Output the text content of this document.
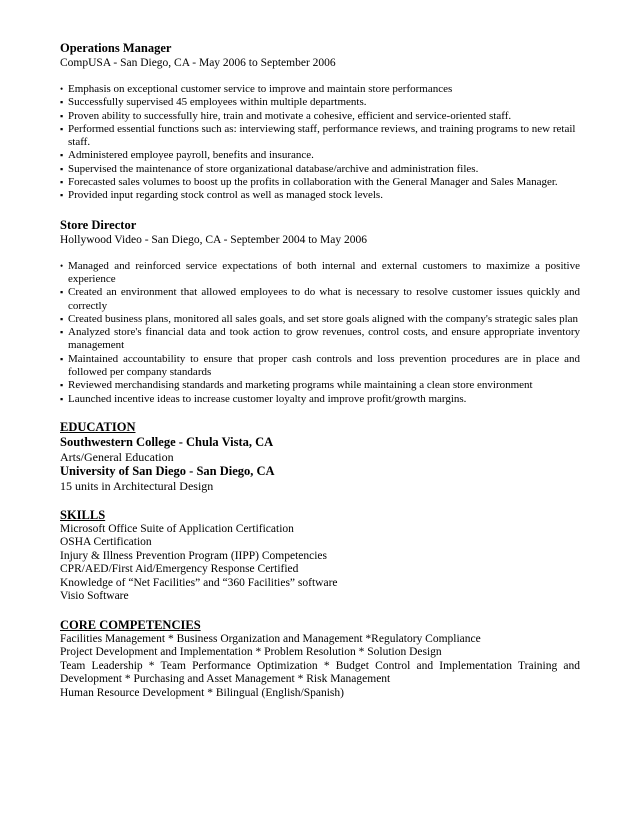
Operations Manager

CompUSA - San Diego, CA - May 2006 to September 2006

• Emphasis on exceptional customer service to improve and maintain store performances
▪ Successfully supervised 45 employees within multiple departments.
▪ Proven ability to successfully hire, train and motivate a cohesive, efficient and service-oriented staff.
▪ Performed essential functions such as: interviewing staff, performance reviews, and training programs to new retail staff.
▪ Administered employee payroll, benefits and insurance.
▪ Supervised the maintenance of store organizational database/archive and administration files.
▪ Forecasted sales volumes to boost up the profits in collaboration with the General Manager and Sales Manager.
▪ Provided input regarding stock control as well as managed stock levels.

Store Director

Hollywood Video - San Diego, CA - September 2004 to May 2006

• Managed and reinforced service expectations of both internal and external customers to maximize a positive experience
▪ Created an environment that allowed employees to do what is necessary to resolve customer issues quickly and correctly
▪ Created business plans, monitored all sales goals, and set store goals aligned with the company's strategic sales plan
▪ Analyzed store's financial data and took action to grow revenues, control costs, and ensure appropriate inventory management
▪ Maintained accountability to ensure that proper cash controls and loss prevention procedures are in place and followed per company standards
▪ Reviewed merchandising standards and marketing programs while maintaining a clean store environment
▪ Launched incentive ideas to increase customer loyalty and improve profit/growth margins.

EDUCATION

Southwestern College - Chula Vista, CA

Arts/General Education

University of San Diego - San Diego, CA

15 units in Architectural Design

SKILLS

Microsoft Office Suite of Application Certification

OSHA Certification

Injury & Illness Prevention Program (IIPP) Competencies

CPR/AED/First Aid/Emergency Response Certified

Knowledge of “Net Facilities” and “360 Facilities” software

Visio Software

CORE COMPETENCIES

Facilities Management * Business Organization and Management *Regulatory Compliance

Project Development and Implementation * Problem Resolution * Solution Design

Team Leadership * Team Performance Optimization * Budget Control and Implementation Training and Development * Purchasing and Asset Management * Risk Management

Human Resource Development * Bilingual (English/Spanish)
